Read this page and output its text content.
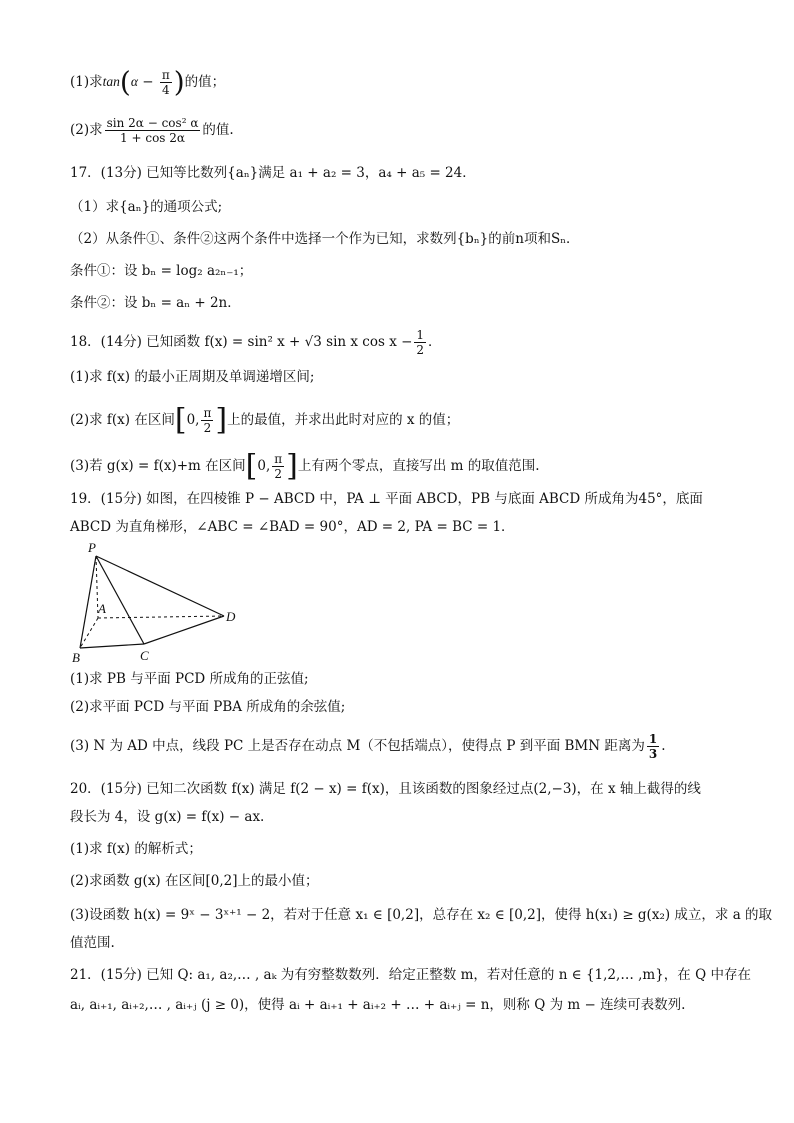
(1)求$\tan(\alpha - \frac{\pi}{4}$ )的值；
(2)求 $\frac{\text{sin 2α − cos² α}}{1 + \cos 2\alpha}$ 的值.
17．(13分) 已知等比数列{aₙ}满足 a₁ + a₂ = 3，a₄ + a₅ = 24．
（1）求{aₙ}的通项公式;
（2）从条件①、条件②这两个条件中选择一个作为已知，求数列{bₙ}的前n项和Sₙ．
条件①：设 bₙ = log₂ a₂ₙ₋₁；
条件②：设 bₙ = aₙ + 2n．
18．(14分) 已知函数 f(x) = sin² x + √3 sin x $\cos x - \frac{1}{2}$ ．
(1)求 f(x) 的最小正周期及单调递增区间;
(2)求 f(x) 在区间[0, $\frac{\pi}{2}$ ]上的最值，并求出此时对应的 x 的值；
(3)若 g(x) = f(x)+m 在区间[0, $\frac{\pi}{2}$ ]上有两个零点，直接写出 m 的取值范围.
19．(15分) 如图，在四棱锥 P − ABCD 中，PA ⊥ 平面 ABCD，PB 与底面 ABCD 所成角为45°，底面
ABCD 为直角梯形，∠ABC = ∠BAD = 90°，AD = 2, PA = BC = 1．
P
A
B	C
D
(1)求 PB 与平面 PCD 所成角的正弦值;
(2)求平面 PCD 与平面 PBA 所成角的余弦值;
(3) N 为 AD 中点，线段 PC 上是否存在动点 M（不包括端点），使得点 P 到平面 BMN 距离为 $\frac{1}{3}$ .
20．(15分) 已知二次函数 f(x) 满足 f(2 − x) = f(x)，且该函数的图象经过点(2,−3)，在 x 轴上截得的线
段长为 4，设 g(x) = f(x) − ax.
(1)求 f(x) 的解析式；
(2)求函数 g(x) 在区间[0,2]上的最小值；
(3)设函数 h(x) = 9ˣ − 3ˣ⁺¹ − 2，若对于任意 x₁ ∈ [0,2]，总存在 x₂ ∈ [0,2]，使得 h(x₁) ≥ g(x₂) 成立，求 a 的取
值范围.
21．(15分) 已知 Q: a₁, a₂,… , aₖ 为有穷整数数列．给定正整数 m，若对任意的 n ∈ {1,2,… ,m}，在 Q 中存在
aᵢ, aᵢ₊₁, aᵢ₊₂,… , aᵢ₊ⱼ (j ≥ 0)，使得 aᵢ + aᵢ₊₁ + aᵢ₊₂ + … + aᵢ₊ⱼ = n，则称 Q 为 m − 连续可表数列.
